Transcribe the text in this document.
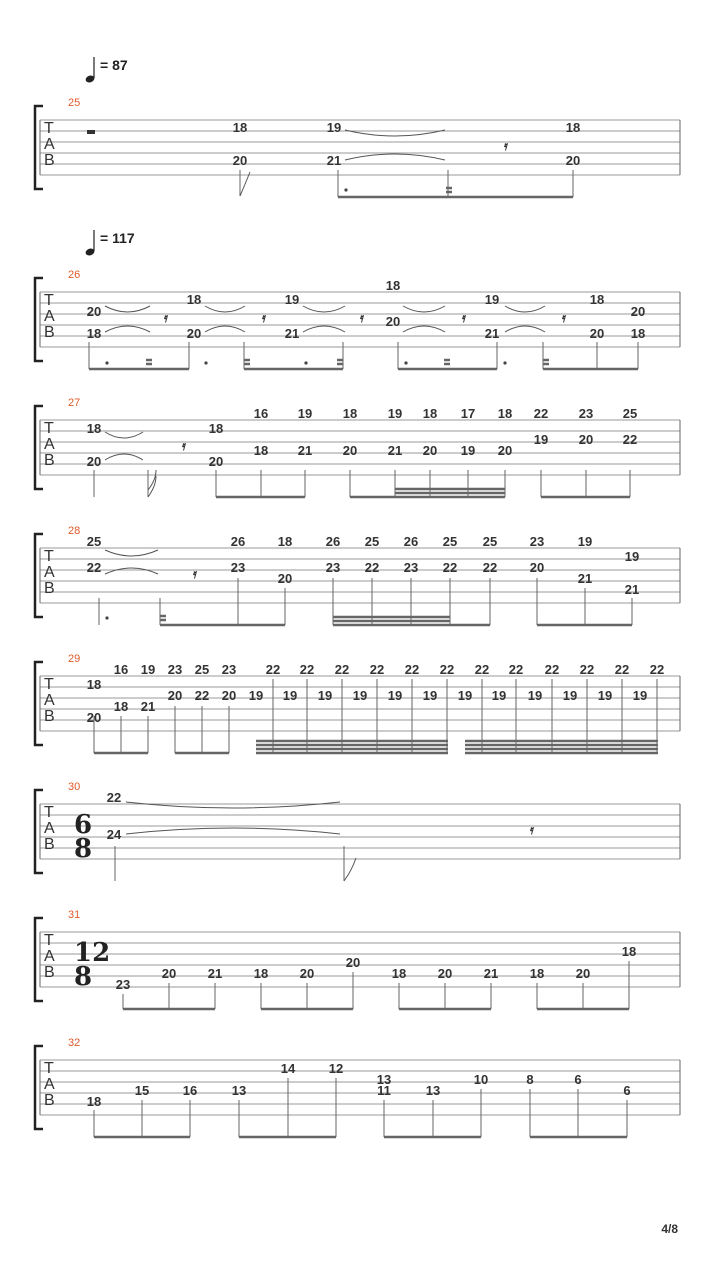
= 87
= 117
T
A
B
25
T
A
B
26
T
A
B
27
T
A
B
28
T
A
B
29
T
A
B
30
6
8
T
A
B
31
12
8
T
A
B
32
18
20
19
21
𝄿
18
20
20
18
18
20
19
21
18
20
19
21
18
20
20
18
𝄿	𝄿	𝄿	𝄿	𝄿
18
20
𝄿
18
20
16
18
19
21
18
20
19
21
18
20
17
19
18
20
22
19
23
20
25
22
25
22	𝄿
26
23
18
20
26
23
25
22
26
23
25
22
25
22
23
20
19
21
19
21
18
20
16
18
19
21
23
20
25
22
23
20
22
19
22
19
22
19
22
19
22
19
22
19
22
19
22
19
22
19
22
19
22
19
22
19
22
24	𝄿
23
20 21 18 20
20
18 20 21 18 20
18
18
15	16	13
14	12
13
11	13
10	8	6
6
4/8
